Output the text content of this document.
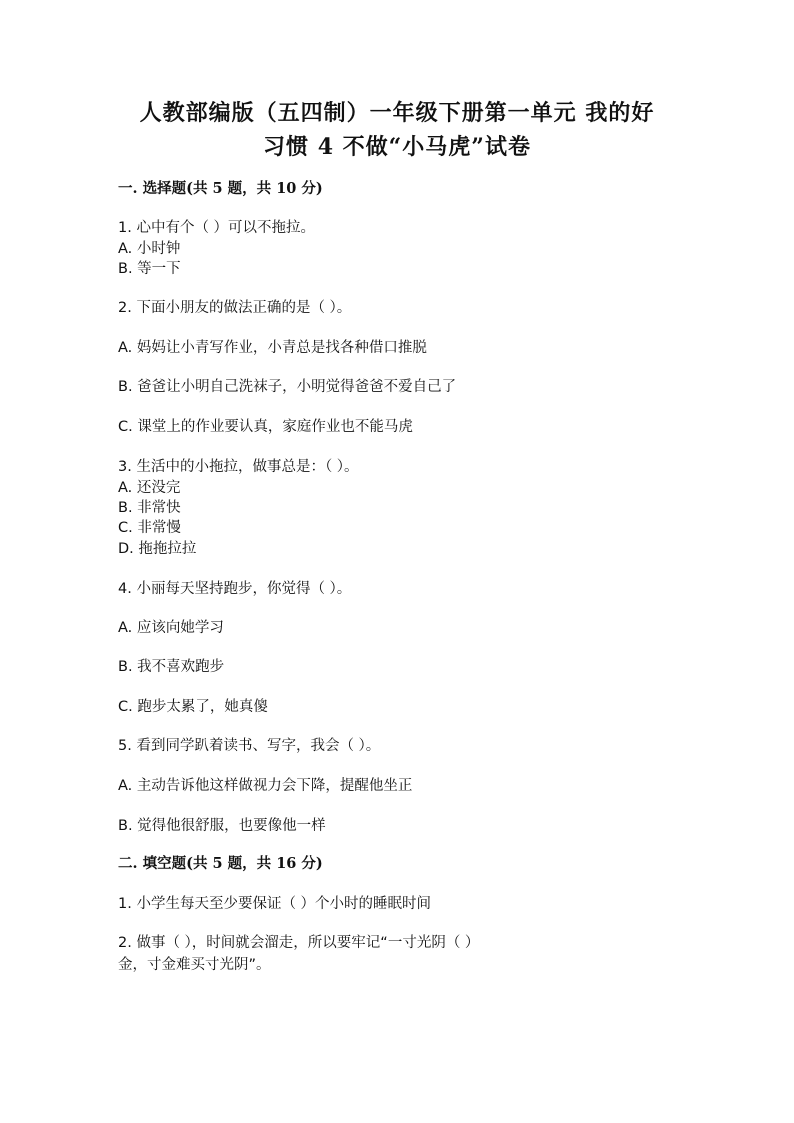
人教部编版（五四制）一年级下册第一单元 我的好
习惯 4 不做“小马虎”试卷
一. 选择题(共 5 题，共 10 分)
1. 心中有个（ ）可以不拖拉。
A. 小时钟
B. 等一下
2. 下面小朋友的做法正确的是（ ）。
A. 妈妈让小青写作业，小青总是找各种借口推脱
B. 爸爸让小明自己洗袜子，小明觉得爸爸不爱自己了
C. 课堂上的作业要认真，家庭作业也不能马虎
3. 生活中的小拖拉，做事总是：（ ）。
A. 还没完
B. 非常快
C. 非常慢
D. 拖拖拉拉
4. 小丽每天坚持跑步，你觉得（ ）。
A. 应该向她学习
B. 我不喜欢跑步
C. 跑步太累了，她真傻
5. 看到同学趴着读书、写字，我会（ ）。
A. 主动告诉他这样做视力会下降，提醒他坐正
B. 觉得他很舒服，也要像他一样
二. 填空题(共 5 题，共 16 分)
1. 小学生每天至少要保证（ ）个小时的睡眠时间
2. 做事（ ），时间就会溜走，所以要牢记“一寸光阴（ ）
金，寸金难买寸光阴”。
